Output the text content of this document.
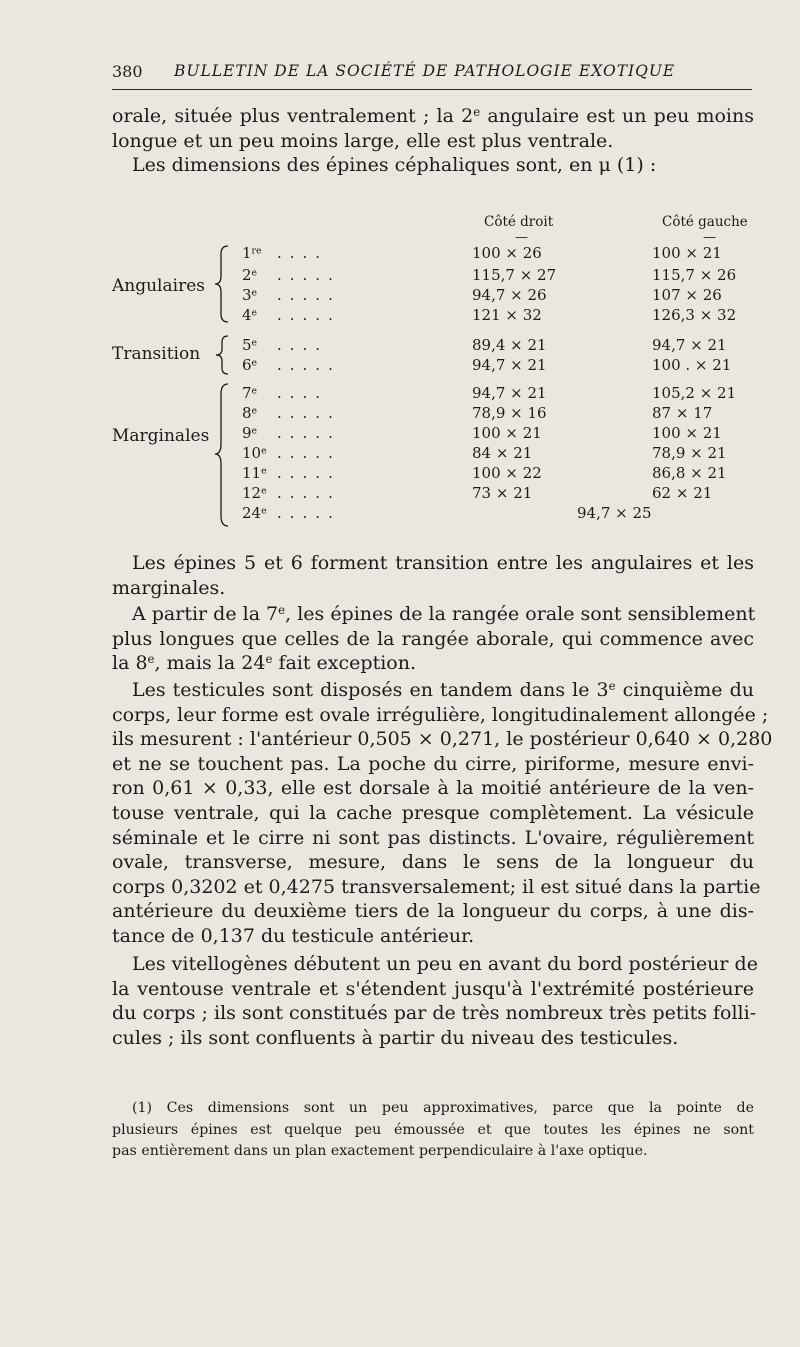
380 BULLETIN DE LA SOCIÉTÉ DE PATHOLOGIE EXOTIQUE
orale, située plus ventralement ; la 2e angulaire est un peu moins
longue et un peu moins large, elle est plus ventrale.
Les dimensions des épines céphaliques sont, en μ (1) :
Côté droit	Côté gauche
—	—
Angulaires
Transition
Marginales
1re ....	100 × 26	100 × 21
2e .....	115,7 × 27	115,7 × 26
3e .....	94,7 × 26	107 × 26
4e .....	121 × 32	126,3 × 32
5e ....	89,4 × 21	94,7 × 21
6e .....	94,7 × 21	100 . × 21
7e ....	94,7 × 21	105,2 × 21
8e .....	78,9 × 16	87 × 17
9e .....	100 × 21	100 × 21
10e .....	84 × 21	78,9 × 21
11e .....	100 × 22	86,8 × 21
12e .....	73 × 21	62 × 21
24e .....	94,7 × 25
Les épines 5 et 6 forment transition entre les angulaires et les
marginales.
A partir de la 7e, les épines de la rangée orale sont sensiblement
plus longues que celles de la rangée aborale, qui commence avec
la 8e, mais la 24e fait exception.
Les testicules sont disposés en tandem dans le 3e cinquième du
corps, leur forme est ovale irrégulière, longitudinalement allongée ;
ils mesurent : l'antérieur 0,505 × 0,271, le postérieur 0,640 × 0,280
et ne se touchent pas. La poche du cirre, piriforme, mesure envi-
ron 0,61 × 0,33, elle est dorsale à la moitié antérieure de la ven-
touse ventrale, qui la cache presque complètement. La vésicule
séminale et le cirre ni sont pas distincts. L'ovaire, régulièrement
ovale, transverse, mesure, dans le sens de la longueur du
corps 0,3202 et 0,4275 transversalement; il est situé dans la partie
antérieure du deuxième tiers de la longueur du corps, à une dis-
tance de 0,137 du testicule antérieur.
Les vitellogènes débutent un peu en avant du bord postérieur de
la ventouse ventrale et s'étendent jusqu'à l'extrémité postérieure
du corps ; ils sont constitués par de très nombreux très petits folli-
cules ; ils sont confluents à partir du niveau des testicules.
(1) Ces dimensions sont un peu approximatives, parce que la pointe de
plusieurs épines est quelque peu émoussée et que toutes les épines ne sont
pas entièrement dans un plan exactement perpendiculaire à l'axe optique.
